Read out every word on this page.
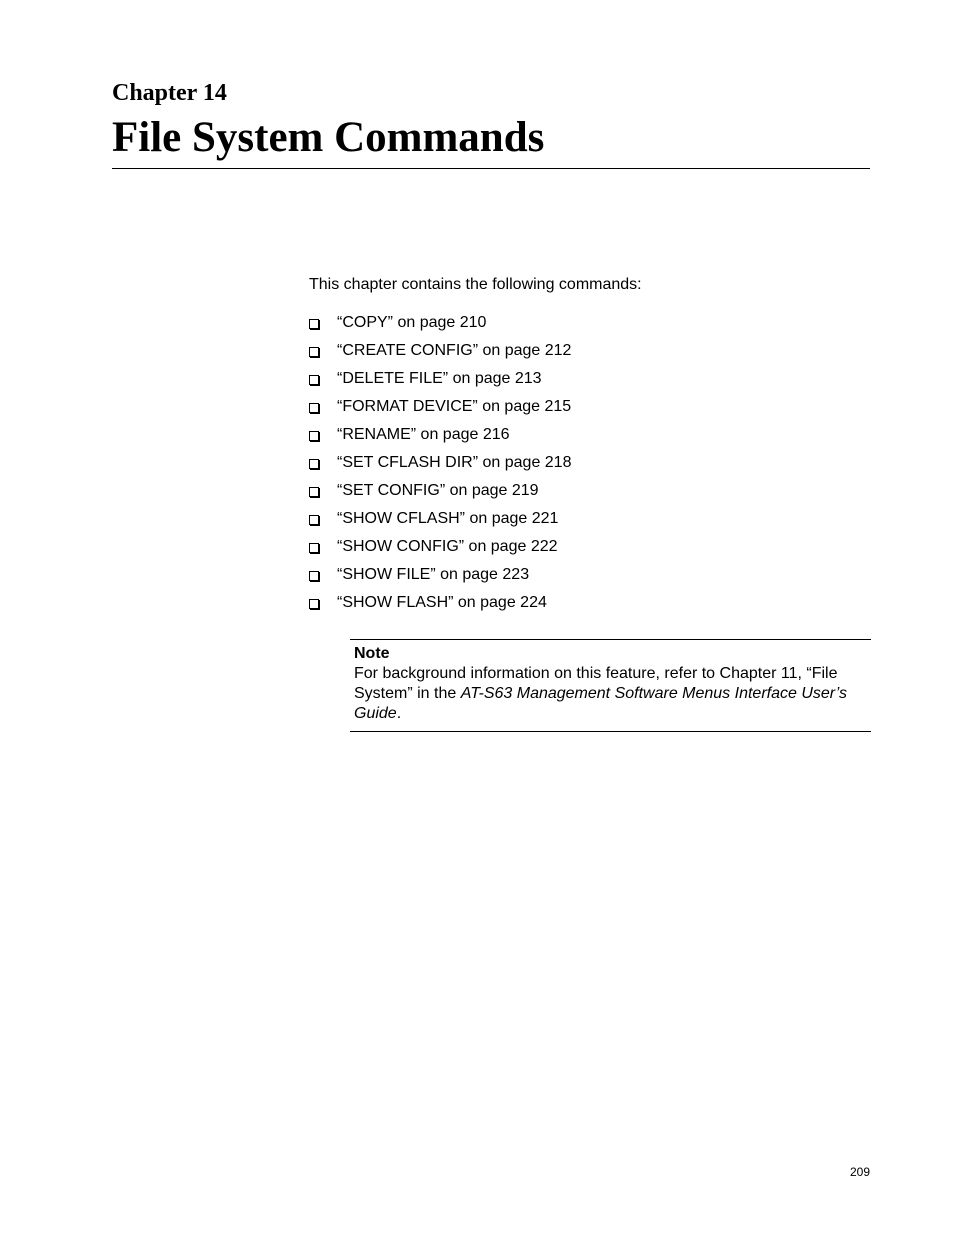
Chapter 14
File System Commands

This chapter contains the following commands:

“COPY” on page 210
“CREATE CONFIG” on page 212
“DELETE FILE” on page 213
“FORMAT DEVICE” on page 215
“RENAME” on page 216
“SET CFLASH DIR” on page 218
“SET CONFIG” on page 219
“SHOW CFLASH” on page 221
“SHOW CONFIG” on page 222
“SHOW FILE” on page 223
“SHOW FLASH” on page 224
Note

For background information on this feature, refer to Chapter 11, “File System” in the AT-S63 Management Software Menus Interface User’s Guide.

209
